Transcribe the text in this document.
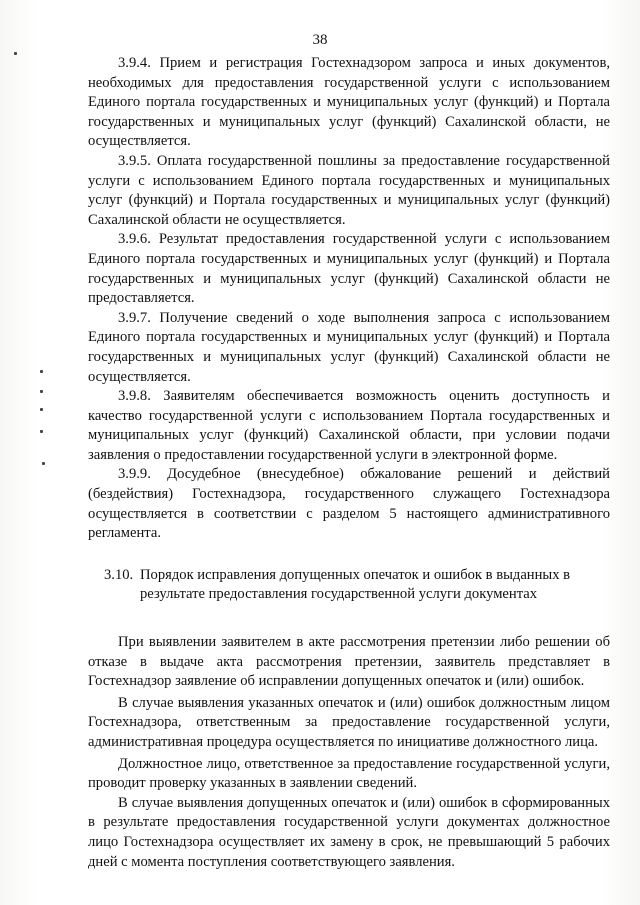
38

3.9.4. Прием и регистрация Гостехнадзором запроса и иных документов, необходимых для предоставления государственной услуги с использованием Единого портала государственных и муниципальных услуг (функций) и Портала государственных и муниципальных услуг (функций) Сахалинской области, не осуществляется.

3.9.5. Оплата государственной пошлины за предоставление государственной услуги с использованием Единого портала государственных и муниципальных услуг (функций) и Портала государственных и муниципальных услуг (функций) Сахалинской области не осуществляется.

3.9.6. Результат предоставления государственной услуги с использованием Единого портала государственных и муниципальных услуг (функций) и Портала государственных и муниципальных услуг (функций) Сахалинской области не предоставляется.

3.9.7. Получение сведений о ходе выполнения запроса с использованием Единого портала государственных и муниципальных услуг (функций) и Портала государственных и муниципальных услуг (функций) Сахалинской области не осуществляется.

3.9.8. Заявителям обеспечивается возможность оценить доступность и качество государственной услуги с использованием Портала государственных и муниципальных услуг (функций) Сахалинской области, при условии подачи заявления о предоставлении государственной услуги в электронной форме.

3.9.9. Досудебное (внесудебное) обжалование решений и действий (бездействия) Гостехнадзора, государственного служащего Гостехнадзора осуществляется в соответствии с разделом 5 настоящего административного регламента.

3.10. Порядок исправления допущенных опечаток и ошибок в выданных в результате предоставления государственной услуги документах

При выявлении заявителем в акте рассмотрения претензии либо решении об отказе в выдаче акта рассмотрения претензии, заявитель представляет в Гостехнадзор заявление об исправлении допущенных опечаток и (или) ошибок.

В случае выявления указанных опечаток и (или) ошибок должностным лицом Гостехнадзора, ответственным за предоставление государственной услуги, административная процедура осуществляется по инициативе должностного лица.

Должностное лицо, ответственное за предоставление государственной услуги, проводит проверку указанных в заявлении сведений.

В случае выявления допущенных опечаток и (или) ошибок в сформированных в результате предоставления государственной услуги документах должностное лицо Гостехнадзора осуществляет их замену в срок, не превышающий 5 рабочих дней с момента поступления соответствующего заявления.
